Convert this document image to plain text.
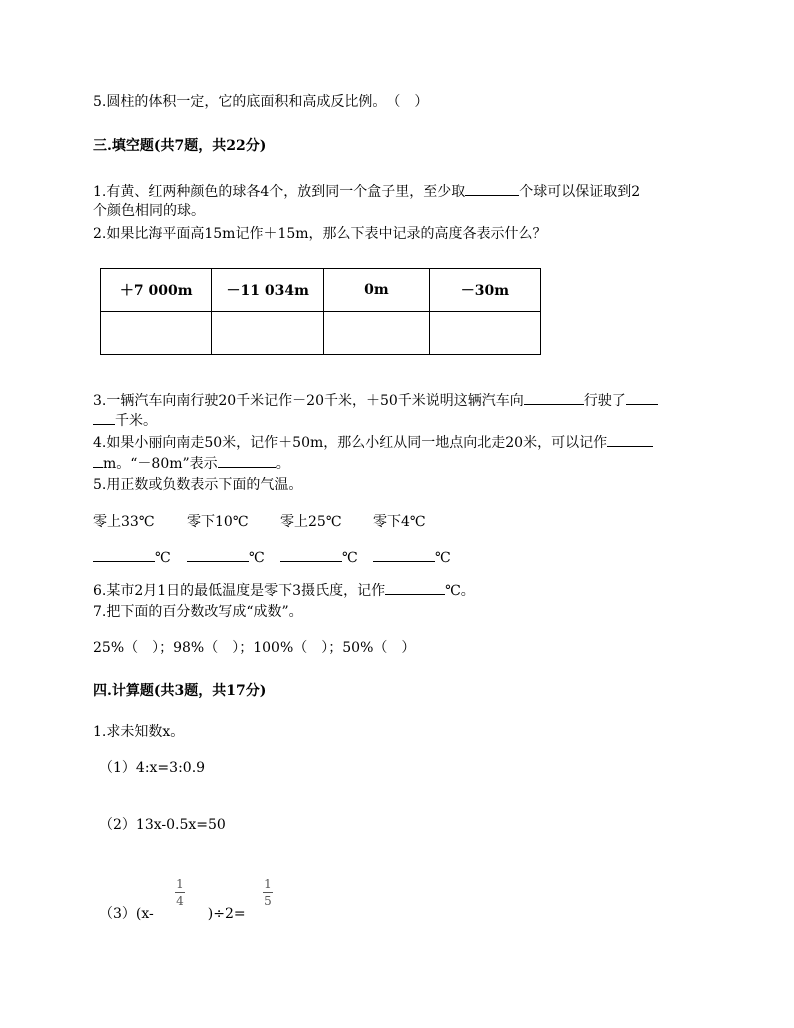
5.圆柱的体积一定，它的底面积和高成反比例。　（　）
三.填空题(共7题，共22分)
1.有黄、红两种颜色的球各4个，放到同一个盒子里，至少取	个球可以保证取到2
个颜色相同的球。
2.如果比海平面高15m记作＋15m，那么下表中记录的高度各表示什么？
＋7 000m	－11 034m	0m	－30m

3.一辆汽车向南行驶20千米记作－20千米，＋50千米说明这辆汽车向	行驶了
千米。
4.如果小丽向南走50米，记作＋50m，那么小红从同一地点向北走20米，可以记作
m。“－80m”表示	。
5.用正数或负数表示下面的气温。
零上33℃ 零下10℃ 零上25℃ 零下4℃
℃	℃	℃	℃
6.某市2月1日的最低温度是零下3摄氏度，记作	℃。
7.把下面的百分数改写成“成数”。
25%（　）；98%（　）；100%（　）；50%（　）
四.计算题(共3题，共17分)
1.求未知数x。
（1）4:x=3:0.9
（2）13x-0.5x=50
（3）(x-	)÷2=
1
4
1
5
